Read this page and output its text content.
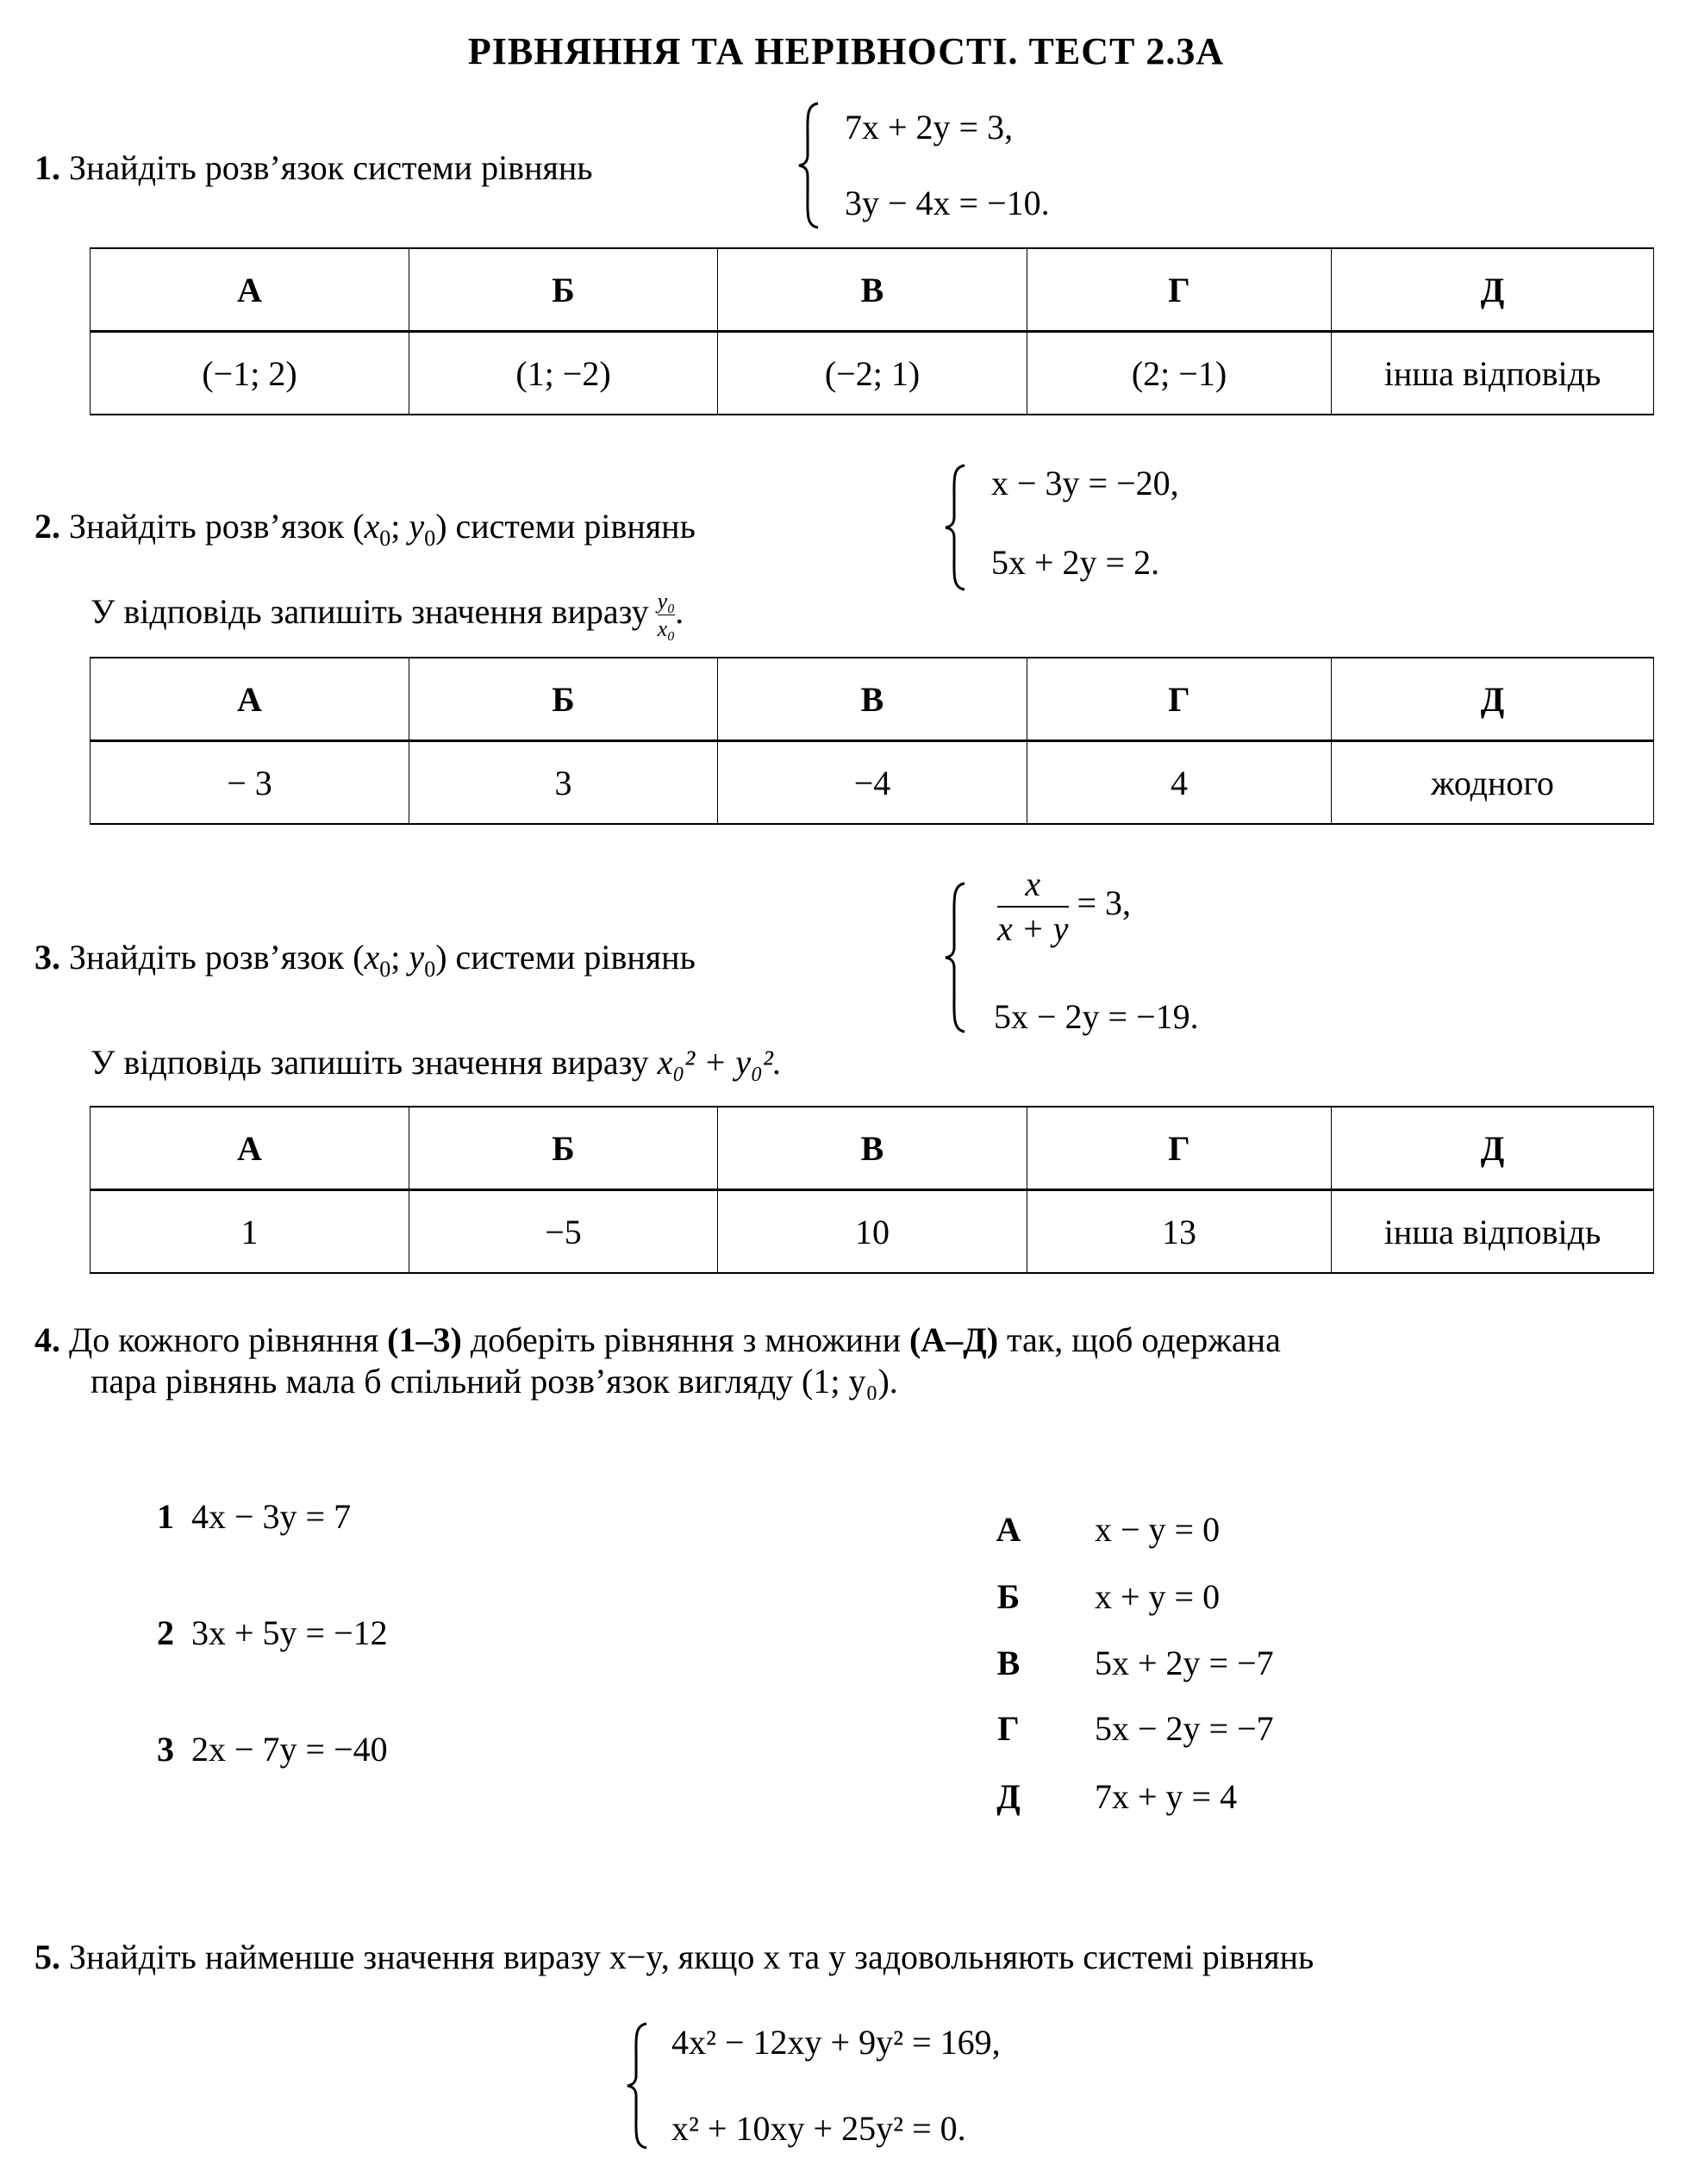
РІВНЯННЯ ТА НЕРІВНОСТІ. ТЕСТ 2.3А
1. Знайдіть розв’язок системи рівнянь
7x + 2y = 3,
3y − 4x = −10.
А	Б	В	Г	Д
(−1; 2)	(1; −2)	(−2; 1)	(2; −1)	інша відповідь
2. Знайдіть розв’язок ($x_0$; $y_0$) системи рівнянь
У відповідь запишіть значення виразу $\frac{\text{y₀}}{\text{x₀}}$ .
x − 3y = −20,
5x + 2y = 2.
А	Б	В	Г	Д
− 3	3	−4	4	жодного
3. Знайдіть розв’язок ($x_0$; $y_0$) системи рівнянь
У відповідь запишіть значення виразу x₀² + y₀².
$\frac{x}{x + y} = 3$,
5x − 2y = −19.
А	Б	В	Г	Д
1	−5	10	13	інша відповідь
4. До кожного рівняння (1–3) доберіть рівняння з множини (А–Д) так, щоб одержана
пара рівнянь мала б спільний розв’язок вигляду (1; y₀).
1 4x − 3y = 7
2 3x + 5y = −12
3 2x − 7y = −40
А x − y = 0
Б x + y = 0
В 5x + 2y = −7
Г 5x − 2y = −7
Д 7x + y = 4
5. Знайдіть найменше значення виразу x−y, якщо x та y задовольняють системі рівнянь
4x² − 12xy + 9y² = 169,
x² + 10xy + 25y² = 0.
